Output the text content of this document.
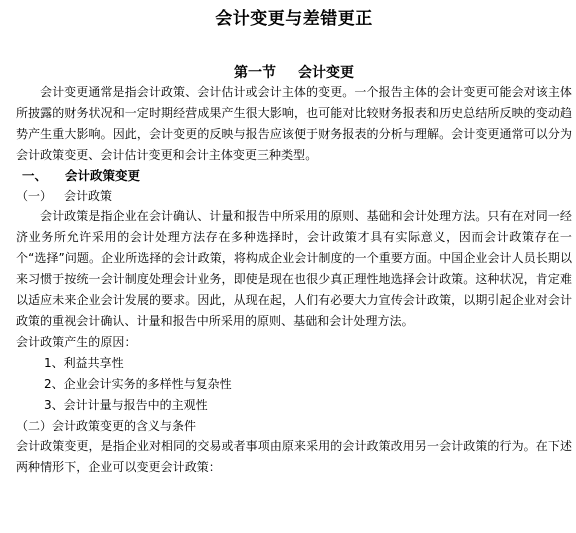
会计变更与差错更正
第一节 会计变更

会计变更通常是指会计政策、会计估计或会计主体的变更。一个报告主体的会计变更可能会对该主体所披露的财务状况和一定时期经营成果产生很大影响，也可能对比较财务报表和历史总结所反映的变动趋势产生重大影响。因此，会计变更的反映与报告应该便于财务报表的分析与理解。会计变更通常可以分为会计政策变更、会计估计变更和会计主体变更三种类型。

一、 会计政策变更
（一） 会计政策

会计政策是指企业在会计确认、计量和报告中所采用的原则、基础和会计处理方法。只有在对同一经济业务所允许采用的会计处理方法存在多种选择时，会计政策才具有实际意义，因而会计政策存在一个“选择”问题。企业所选择的会计政策，将构成企业会计制度的一个重要方面。中国企业会计人员长期以来习惯于按统一会计制度处理会计业务，即使是现在也很少真正理性地选择会计政策。这种状况，肯定难以适应未来企业会计发展的要求。因此，从现在起，人们有必要大力宣传会计政策，以期引起企业对会计政策的重视会计确认、计量和报告中所采用的原则、基础和会计处理方法。

会计政策产生的原因：

1、利益共享性

2、企业会计实务的多样性与复杂性

3、会计计量与报告中的主观性

（二）会计政策变更的含义与条件

会计政策变更，是指企业对相同的交易或者事项由原来采用的会计政策改用另一会计政策的行为。在下述两种情形下，企业可以变更会计政策：
